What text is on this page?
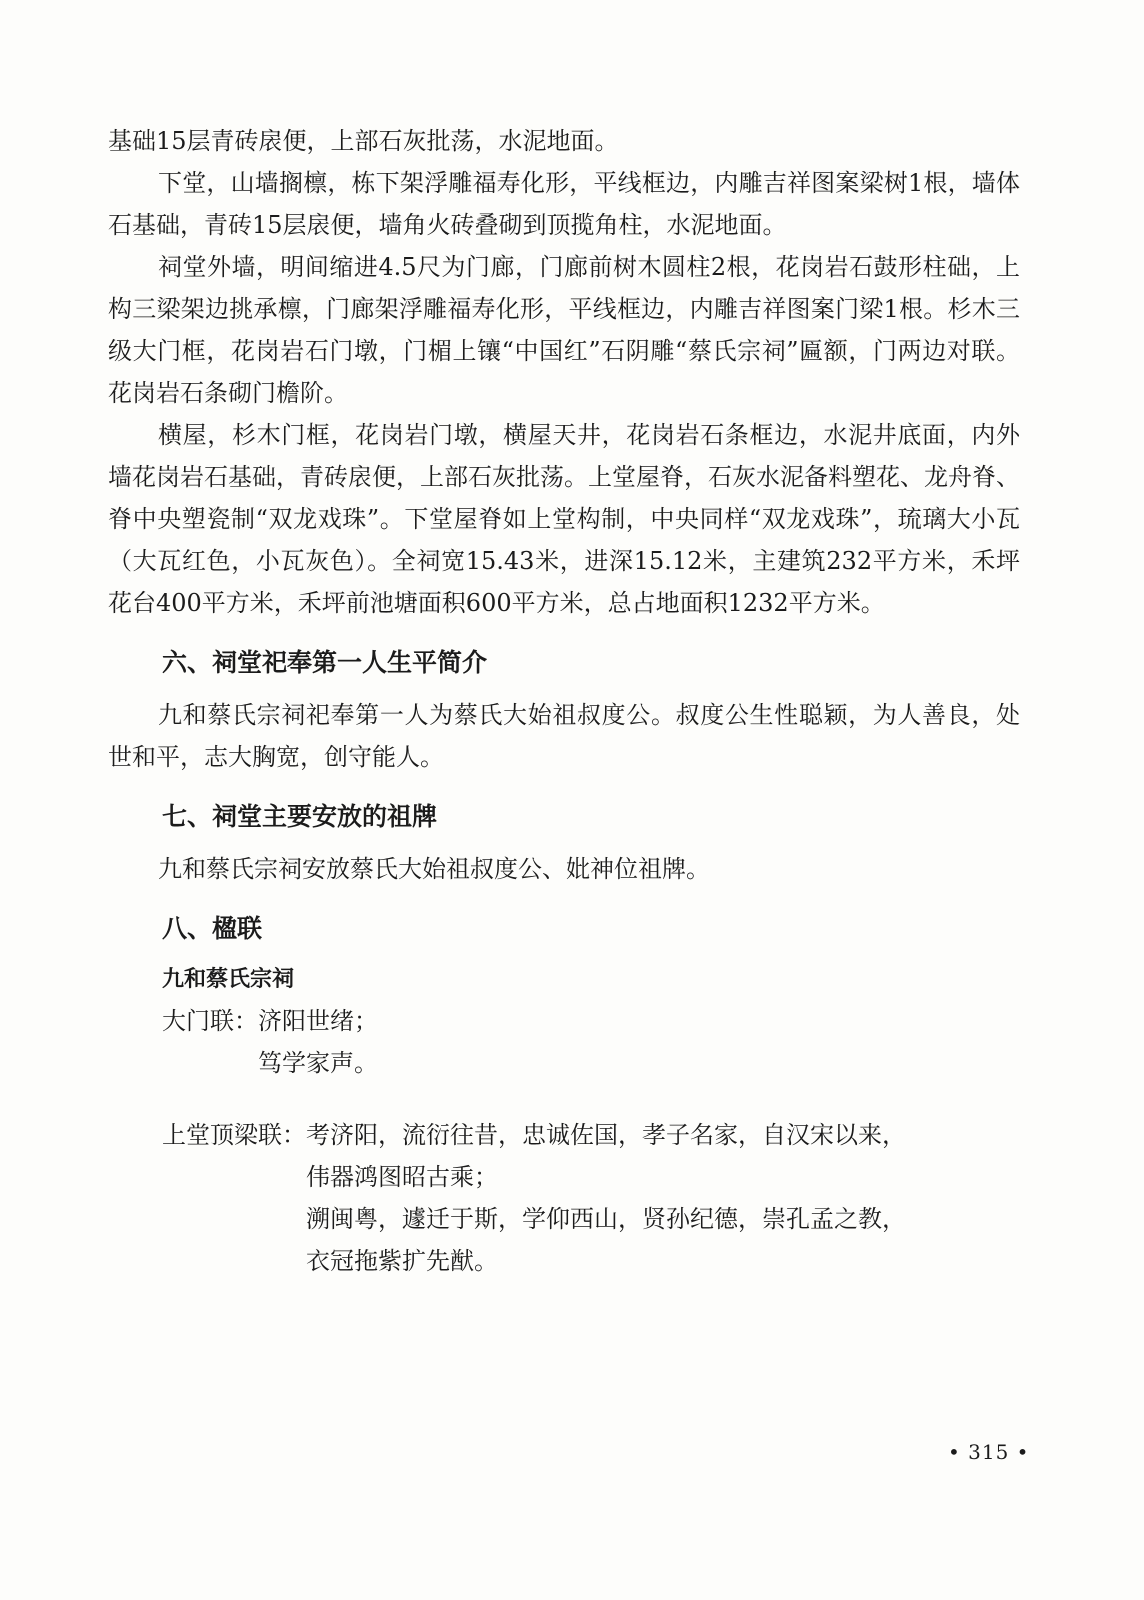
基础15层青砖扆便，上部石灰批荡，水泥地面。

下堂，山墙搁檩，栋下架浮雕福寿化形，平线框边，内雕吉祥图案梁树1根，墙体石基础，青砖15层扆便，墙角火砖叠砌到顶揽角柱，水泥地面。

祠堂外墙，明间缩进4.5尺为门廊，门廊前树木圆柱2根，花岗岩石鼓形柱础，上构三梁架边挑承檩，门廊架浮雕福寿化形，平线框边，内雕吉祥图案门梁1根。杉木三级大门框，花岗岩石门墩，门楣上镶“中国红”石阴雕“蔡氏宗祠”匾额，门两边对联。花岗岩石条砌门檐阶。

横屋，杉木门框，花岗岩门墩，横屋天井，花岗岩石条框边，水泥井底面，内外墙花岗岩石基础，青砖扆便，上部石灰批荡。上堂屋脊，石灰水泥备料塑花、龙舟脊、脊中央塑瓷制“双龙戏珠”。下堂屋脊如上堂构制，中央同样“双龙戏珠”，琉璃大小瓦（大瓦红色，小瓦灰色）。全祠宽15.43米，进深15.12米，主建筑232平方米，禾坪花台400平方米，禾坪前池塘面积600平方米，总占地面积1232平方米。

六、祠堂祀奉第一人生平简介

九和蔡氏宗祠祀奉第一人为蔡氏大始祖叔度公。叔度公生性聪颖，为人善良，处世和平，志大胸宽，创守能人。

七、祠堂主要安放的祖牌

九和蔡氏宗祠安放蔡氏大始祖叔度公、妣神位祖牌。

八、楹联
九和蔡氏宗祠
大门联： 济阳世绪；
笃学家声。
上堂顶梁联： 考济阳，流衍往昔，忠诚佐国，孝子名家，自汉宋以来，
伟器鸿图昭古乘；
溯闽粤，遽迁于斯，学仰西山，贤孙纪德，崇孔孟之教，
衣冠拖紫扩先猷。
• 315 •
